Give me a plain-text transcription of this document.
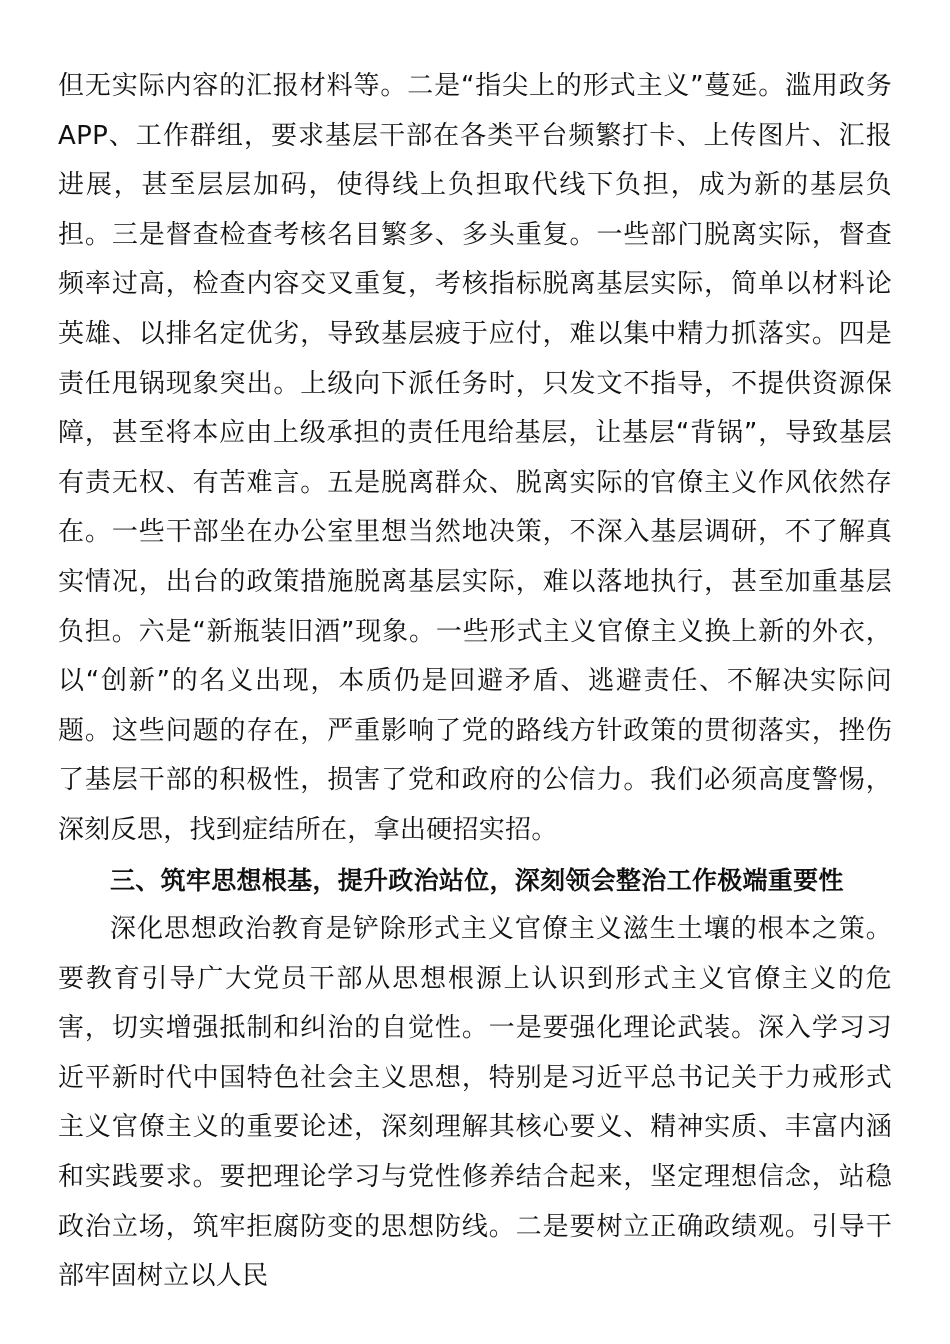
但无实际内容的汇报材料等。二是“指尖上的形式主义”蔓延。滥用政务APP、工作群组，要求基层干部在各类平台频繁打卡、上传图片、汇报进展，甚至层层加码，使得线上负担取代线下负担，成为新的基层负担。三是督查检查考核名目繁多、多头重复。一些部门脱离实际，督查频率过高，检查内容交叉重复，考核指标脱离基层实际，简单以材料论英雄、以排名定优劣，导致基层疲于应付，难以集中精力抓落实。四是责任甩锅现象突出。上级向下派任务时，只发文不指导，不提供资源保障，甚至将本应由上级承担的责任甩给基层，让基层“背锅”，导致基层有责无权、有苦难言。五是脱离群众、脱离实际的官僚主义作风依然存在。一些干部坐在办公室里想当然地决策，不深入基层调研，不了解真实情况，出台的政策措施脱离基层实际，难以落地执行，甚至加重基层负担。六是“新瓶装旧酒”现象。一些形式主义官僚主义换上新的外衣，以“创新”的名义出现，本质仍是回避矛盾、逃避责任、不解决实际问题。这些问题的存在，严重影响了党的路线方针政策的贯彻落实，挫伤了基层干部的积极性，损害了党和政府的公信力。我们必须高度警惕，深刻反思，找到症结所在，拿出硬招实招。

三、筑牢思想根基，提升政治站位，深刻领会整治工作极端重要性

深化思想政治教育是铲除形式主义官僚主义滋生土壤的根本之策。要教育引导广大党员干部从思想根源上认识到形式主义官僚主义的危害，切实增强抵制和纠治的自觉性。一是要强化理论武装。深入学习习近平新时代中国特色社会主义思想，特别是习近平总书记关于力戒形式主义官僚主义的重要论述，深刻理解其核心要义、精神实质、丰富内涵和实践要求。要把理论学习与党性修养结合起来，坚定理想信念，站稳政治立场，筑牢拒腐防变的思想防线。二是要树立正确政绩观。引导干部牢固树立以人民
